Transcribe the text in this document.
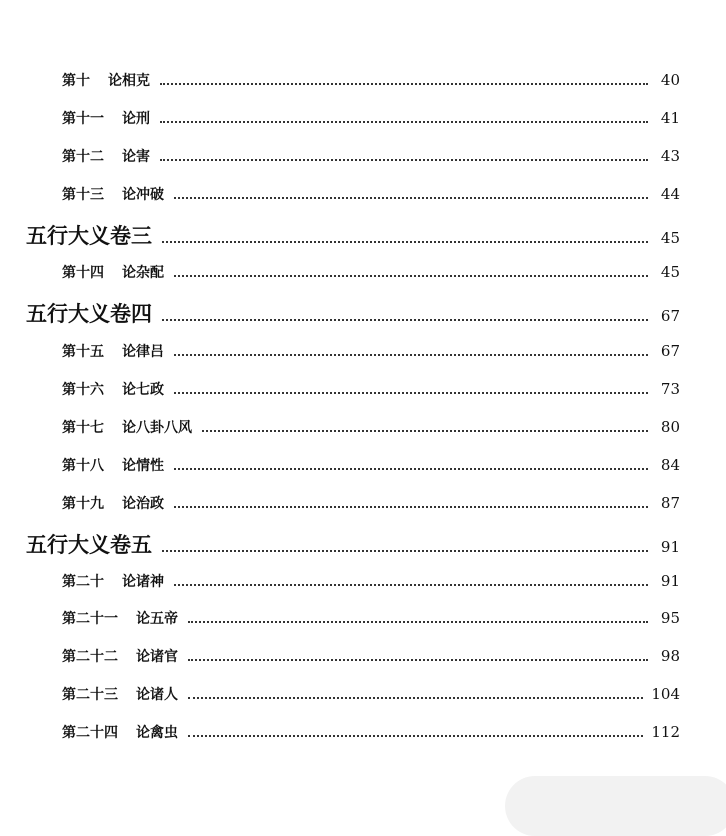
第十 论相克	40
第十一 论刑	41
第十二 论害	43
第十三 论冲破	44
五行大义卷三	45
第十四 论杂配	45
五行大义卷四	67
第十五 论律吕	67
第十六 论七政	73
第十七 论八卦八风	80
第十八 论情性	84
第十九 论治政	87
五行大义卷五	91
第二十 论诸神	91
第二十一 论五帝	95
第二十二 论诸官	98
第二十三 论诸人	104
第二十四 论禽虫	112
